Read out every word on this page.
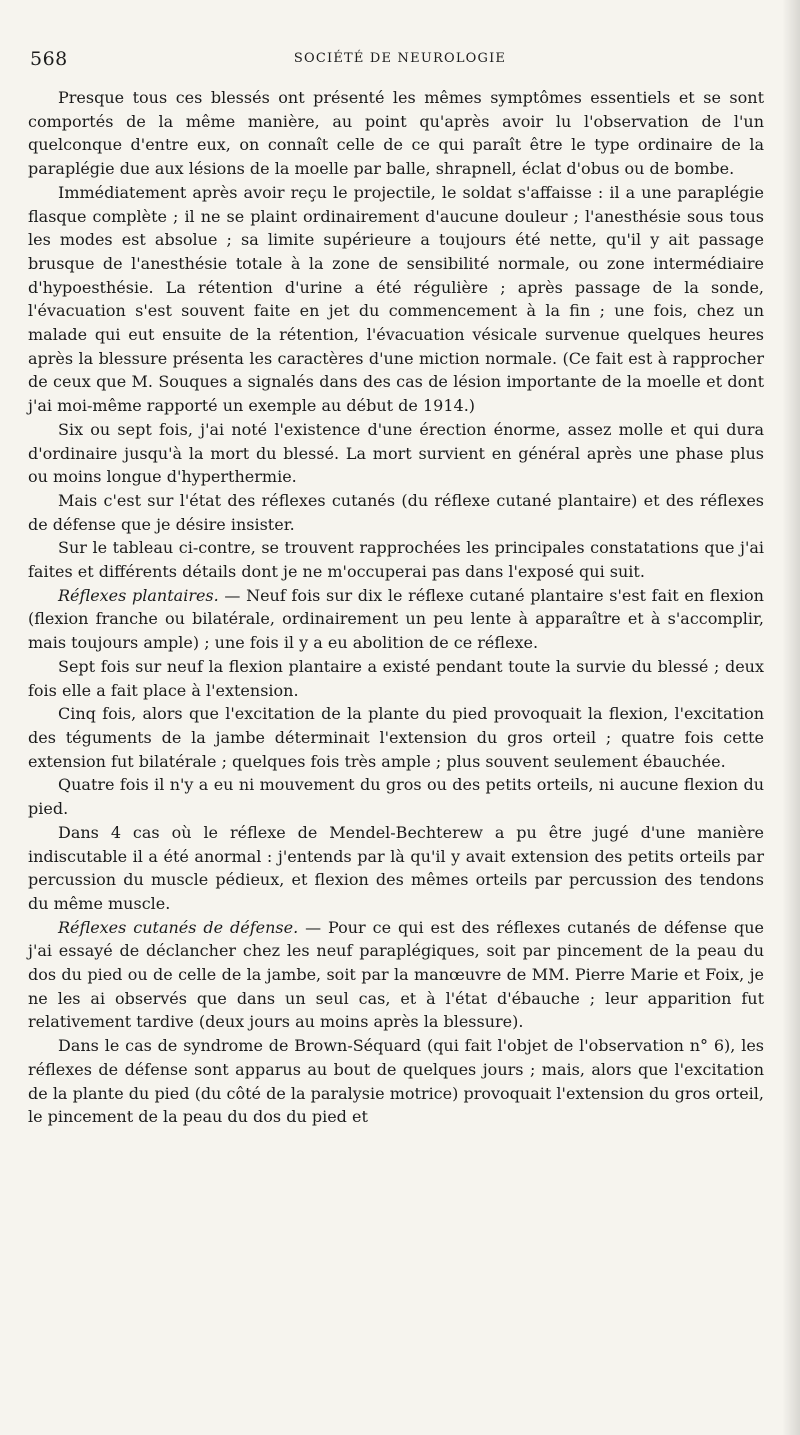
568	SOCIÉTÉ DE NEUROLOGIE

Presque tous ces blessés ont présenté les mêmes symptômes essentiels et se sont comportés de la même manière, au point qu'après avoir lu l'observation de l'un quelconque d'entre eux, on connaît celle de ce qui paraît être le type ordinaire de la paraplégie due aux lésions de la moelle par balle, shrapnell, éclat d'obus ou de bombe.

Immédiatement après avoir reçu le projectile, le soldat s'affaisse : il a une paraplégie flasque complète ; il ne se plaint ordinairement d'aucune douleur ; l'anesthésie sous tous les modes est absolue ; sa limite supérieure a toujours été nette, qu'il y ait passage brusque de l'anesthésie totale à la zone de sensibilité normale, ou zone intermédiaire d'hypoesthésie. La rétention d'urine a été régulière ; après passage de la sonde, l'évacuation s'est souvent faite en jet du commencement à la fin ; une fois, chez un malade qui eut ensuite de la rétention, l'évacuation vésicale survenue quelques heures après la blessure présenta les caractères d'une miction normale. (Ce fait est à rapprocher de ceux que M. Souques a signalés dans des cas de lésion importante de la moelle et dont j'ai moi-même rapporté un exemple au début de 1914.)

Six ou sept fois, j'ai noté l'existence d'une érection énorme, assez molle et qui dura d'ordinaire jusqu'à la mort du blessé. La mort survient en général après une phase plus ou moins longue d'hyperthermie.

Mais c'est sur l'état des réflexes cutanés (du réflexe cutané plantaire) et des réflexes de défense que je désire insister.

Sur le tableau ci-contre, se trouvent rapprochées les principales constatations que j'ai faites et différents détails dont je ne m'occuperai pas dans l'exposé qui suit.

Réflexes plantaires. — Neuf fois sur dix le réflexe cutané plantaire s'est fait en flexion (flexion franche ou bilatérale, ordinairement un peu lente à apparaître et à s'accomplir, mais toujours ample) ; une fois il y a eu abolition de ce réflexe.

Sept fois sur neuf la flexion plantaire a existé pendant toute la survie du blessé ; deux fois elle a fait place à l'extension.

Cinq fois, alors que l'excitation de la plante du pied provoquait la flexion, l'excitation des téguments de la jambe déterminait l'extension du gros orteil ; quatre fois cette extension fut bilatérale ; quelques fois très ample ; plus souvent seulement ébauchée.

Quatre fois il n'y a eu ni mouvement du gros ou des petits orteils, ni aucune flexion du pied.

Dans 4 cas où le réflexe de Mendel-Bechterew a pu être jugé d'une manière indiscutable il a été anormal : j'entends par là qu'il y avait extension des petits orteils par percussion du muscle pédieux, et flexion des mêmes orteils par percussion des tendons du même muscle.

Réflexes cutanés de défense. — Pour ce qui est des réflexes cutanés de défense que j'ai essayé de déclancher chez les neuf paraplégiques, soit par pincement de la peau du dos du pied ou de celle de la jambe, soit par la manœuvre de MM. Pierre Marie et Foix, je ne les ai observés que dans un seul cas, et à l'état d'ébauche ; leur apparition fut relativement tardive (deux jours au moins après la blessure).

Dans le cas de syndrome de Brown-Séquard (qui fait l'objet de l'observation n° 6), les réflexes de défense sont apparus au bout de quelques jours ; mais, alors que l'excitation de la plante du pied (du côté de la paralysie motrice) provoquait l'extension du gros orteil, le pincement de la peau du dos du pied et
